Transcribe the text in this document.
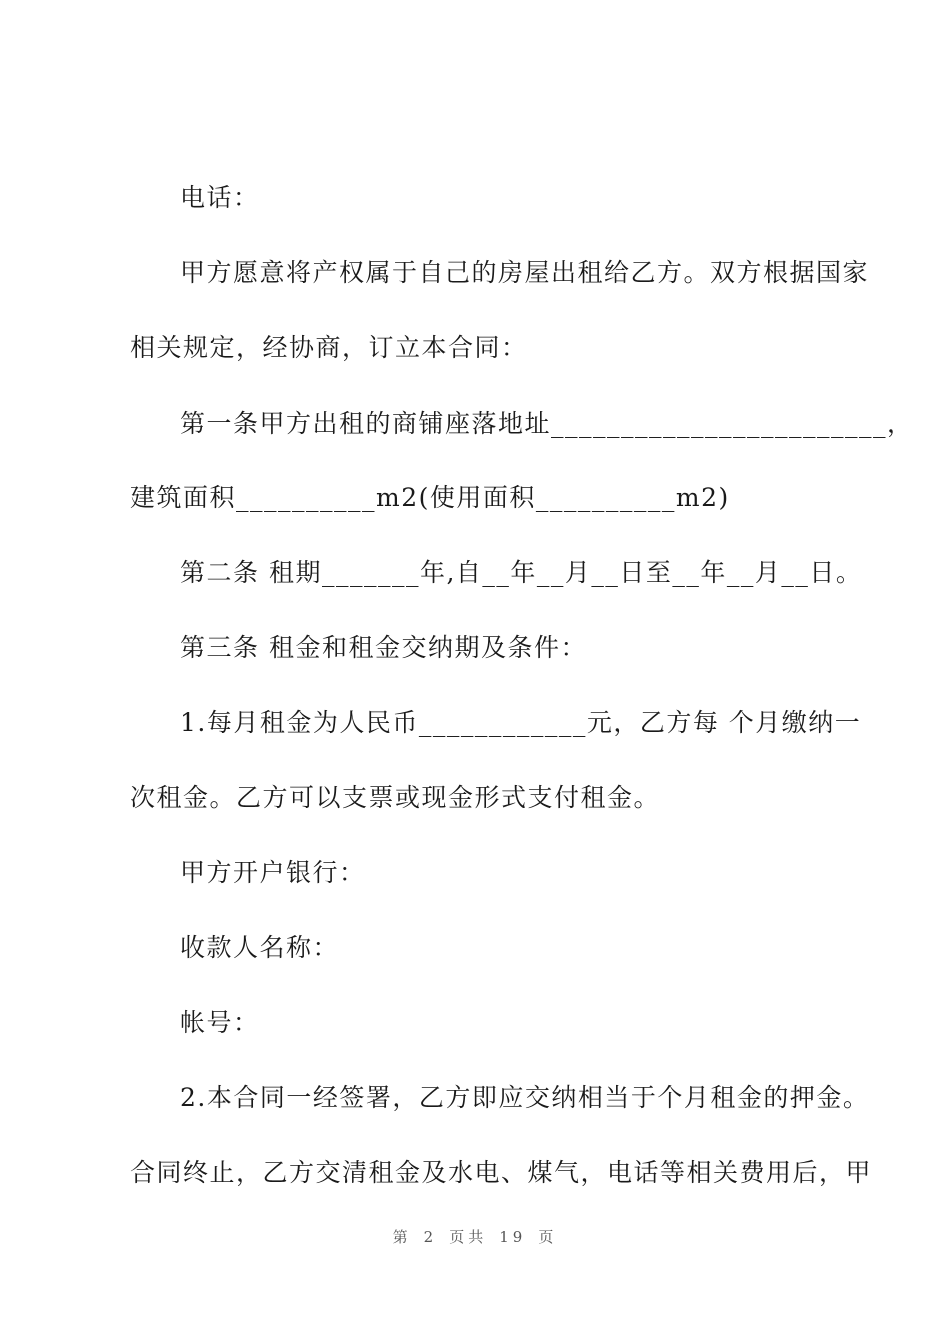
电话：
甲方愿意将产权属于自己的房屋出租给乙方。双方根据国家
相关规定，经协商，订立本合同：
第一条甲方出租的商铺座落地址________________________，
建筑面积__________m2(使用面积__________m2)
第二条 租期_______年,自__年__月__日至__年__月__日。
第三条 租金和租金交纳期及条件：
1.每月租金为人民币____________元，乙方每 个月缴纳一
次租金。乙方可以支票或现金形式支付租金。
甲方开户银行：
收款人名称：
帐号：
2.本合同一经签署，乙方即应交纳相当于个月租金的押金。
合同终止，乙方交清租金及水电、煤气，电话等相关费用后，甲
第 2 页共 19 页
